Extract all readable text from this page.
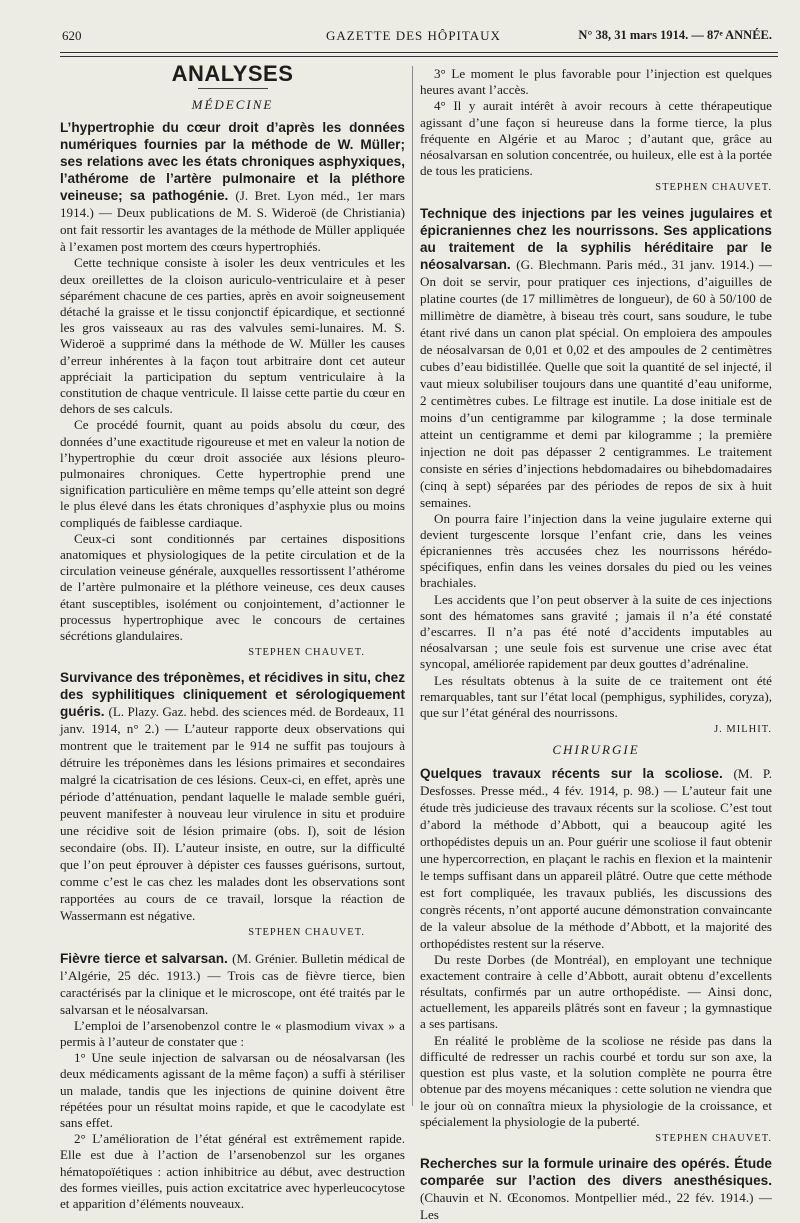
620	GAZETTE DES HÔPITAUX	N° 38, 31 mars 1914. — 87ᵉ ANNÉE.
ANALYSES
MÉDECINE
L’hypertrophie du cœur droit d’après les données numériques fournies par la méthode de W. Müller; ses relations avec les états chroniques asphyxiques, l’athérome de l’artère pulmonaire et la pléthore veineuse; sa pathogénie. (J. Bret. Lyon méd., 1er mars 1914.) — Deux publications de M. S. Wideroë (de Christiania) ont fait ressortir les avantages de la méthode de Müller appliquée à l’examen post mortem des cœurs hypertrophiés.

Cette technique consiste à isoler les deux ventricules et les deux oreillettes de la cloison auriculo-ventriculaire et à peser séparément chacune de ces parties, après en avoir soigneusement détaché la graisse et le tissu conjonctif épicardique, et sectionné les gros vaisseaux au ras des valvules semi-lunaires. M. S. Wideroë a supprimé dans la méthode de W. Müller les causes d’erreur inhérentes à la façon tout arbitraire dont cet auteur appréciait la participation du septum ventriculaire à la constitution de chaque ventricule. Il laisse cette partie du cœur en dehors de ses calculs.

Ce procédé fournit, quant au poids absolu du cœur, des données d’une exactitude rigoureuse et met en valeur la notion de l’hypertrophie du cœur droit associée aux lésions pleuro-pulmonaires chroniques. Cette hypertrophie prend une signification particulière en même temps qu’elle atteint son degré le plus élevé dans les états chroniques d’asphyxie plus ou moins compliqués de faiblesse cardiaque.

Ceux-ci sont conditionnés par certaines dispositions anatomiques et physiologiques de la petite circulation et de la circulation veineuse générale, auxquelles ressortissent l’athérome de l’artère pulmonaire et la pléthore veineuse, ces deux causes étant susceptibles, isolément ou conjointement, d’actionner le processus hypertrophique avec le concours de certaines sécrétions glandulaires.

STEPHEN CHAUVET.
Survivance des tréponèmes, et récidives in situ, chez des syphilitiques cliniquement et sérologiquement guéris. (L. Plazy. Gaz. hebd. des sciences méd. de Bordeaux, 11 janv. 1914, n° 2.) — L’auteur rapporte deux observations qui montrent que le traitement par le 914 ne suffit pas toujours à détruire les tréponèmes dans les lésions primaires et secondaires malgré la cicatrisation de ces lésions. Ceux-ci, en effet, après une période d’atténuation, pendant laquelle le malade semble guéri, peuvent manifester à nouveau leur virulence in situ et produire une récidive soit de lésion primaire (obs. I), soit de lésion secondaire (obs. II). L’auteur insiste, en outre, sur la difficulté que l’on peut éprouver à dépister ces fausses guérisons, surtout, comme c’est le cas chez les malades dont les observations sont rapportées au cours de ce travail, lorsque la réaction de Wassermann est négative.
STEPHEN CHAUVET.
Fièvre tierce et salvarsan. (M. Grénier. Bulletin médical de l’Algérie, 25 déc. 1913.) — Trois cas de fièvre tierce, bien caractérisés par la clinique et le microscope, ont été traités par le salvarsan et le néosalvarsan.

L’emploi de l’arsenobenzol contre le « plasmodium vivax » a permis à l’auteur de constater que :

1° Une seule injection de salvarsan ou de néosalvarsan (les deux médicaments agissant de la même façon) a suffi à stériliser un malade, tandis que les injections de quinine doivent être répétées pour un résultat moins rapide, et que le cacodylate est sans effet.

2° L’amélioration de l’état général est extrêmement rapide. Elle est due à l’action de l’arsenobenzol sur les organes hématopoïétiques : action inhibitrice au début, avec destruction des formes vieilles, puis action excitatrice avec hyperleucocytose et apparition d’éléments nouveaux.

3° Le moment le plus favorable pour l’injection est quelques heures avant l’accès.

4° Il y aurait intérêt à avoir recours à cette thérapeutique agissant d’une façon si heureuse dans la forme tierce, la plus fréquente en Algérie et au Maroc ; d’autant que, grâce au néosalvarsan en solution concentrée, ou huileux, elle est à la portée de tous les praticiens.

STEPHEN CHAUVET.
Technique des injections par les veines jugulaires et épicraniennes chez les nourrissons. Ses applications au traitement de la syphilis héréditaire par le néosalvarsan. (G. Blechmann. Paris méd., 31 janv. 1914.) — On doit se servir, pour pratiquer ces injections, d’aiguilles de platine courtes (de 17 millimètres de longueur), de 60 à 50/100 de millimètre de diamètre, à biseau très court, sans soudure, le tube étant rivé dans un canon plat spécial. On emploiera des ampoules de néosalvarsan de 0,01 et 0,02 et des ampoules de 2 centimètres cubes d’eau bidistillée. Quelle que soit la quantité de sel injecté, il vaut mieux solubiliser toujours dans une quantité d’eau uniforme, 2 centimètres cubes. Le filtrage est inutile. La dose initiale est de moins d’un centigramme par kilogramme ; la dose terminale atteint un centigramme et demi par kilogramme ; la première injection ne doit pas dépasser 2 centigrammes. Le traitement consiste en séries d’injections hebdomadaires ou bihebdomadaires (cinq à sept) séparées par des périodes de repos de six à huit semaines.

On pourra faire l’injection dans la veine jugulaire externe qui devient turgescente lorsque l’enfant crie, dans les veines épicraniennes très accusées chez les nourrissons hérédo-spécifiques, enfin dans les veines dorsales du pied ou les veines brachiales.

Les accidents que l’on peut observer à la suite de ces injections sont des hématomes sans gravité ; jamais il n’a été constaté d’escarres. Il n’a pas été noté d’accidents imputables au néosalvarsan ; une seule fois est survenue une crise avec état syncopal, améliorée rapidement par deux gouttes d’adrénaline.

Les résultats obtenus à la suite de ce traitement ont été remarquables, tant sur l’état local (pemphigus, syphilides, coryza), que sur l’état général des nourrissons.

J. MILHIT.
CHIRURGIE
Quelques travaux récents sur la scoliose. (M. P. Desfosses. Presse méd., 4 fév. 1914, p. 98.) — L’auteur fait une étude très judicieuse des travaux récents sur la scoliose. C’est tout d’abord la méthode d’Abbott, qui a beaucoup agité les orthopédistes depuis un an. Pour guérir une scoliose il faut obtenir une hypercorrection, en plaçant le rachis en flexion et la maintenir le temps suffisant dans un appareil plâtré. Outre que cette méthode est fort compliquée, les travaux publiés, les discussions des congrès récents, n’ont apporté aucune démonstration convaincante de la valeur absolue de la méthode d’Abbott, et la majorité des orthopédistes restent sur la réserve.

Du reste Dorbes (de Montréal), en employant une technique exactement contraire à celle d’Abbott, aurait obtenu d’excellents résultats, confirmés par un autre orthopédiste. — Ainsi donc, actuellement, les appareils plâtrés sont en faveur ; la gymnastique a ses partisans.

En réalité le problème de la scoliose ne réside pas dans la difficulté de redresser un rachis courbé et tordu sur son axe, la question est plus vaste, et la solution complète ne pourra être obtenue par des moyens mécaniques : cette solution ne viendra que le jour où on connaîtra mieux la physiologie de la croissance, et spécialement la physiologie de la puberté.

STEPHEN CHAUVET.
Recherches sur la formule urinaire des opérés. Étude comparée sur l’action des divers anesthésiques. (Chauvin et N. Œconomos. Montpellier méd., 22 fév. 1914.) — Les
